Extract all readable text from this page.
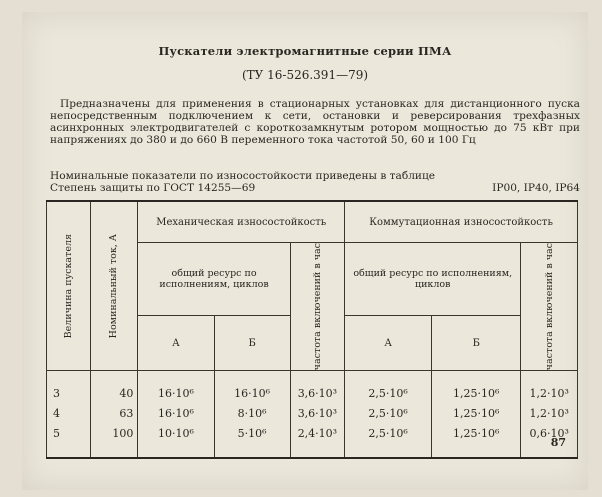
Пускатели электромагнитные серии ПМА
(ТУ 16-526.391—79)
Предназначены для применения в стационарных установках для дистанционного пуска непосредственным подключением к сети, остановки и реверсирования трехфазных асинхронных электродвигателей с короткозамкнутым ротором мощностью до 75 кВт при напряжениях до 380 и до 660 В переменного тока частотой 50, 60 и 100 Гц
Номинальные показатели по износостойкости приведены в таблице
Степень защиты по ГОСТ 14255—69	IP00, IP40, IP64
Величина пускателя	Номинальный ток, А	Механическая износостойкость			Коммутационная износостойкость		
		общий ресурс по исполнениям, циклов		частота включений в час	общий ресурс по исполнениям, циклов		частота включений в час

		А	Б		А	Б	
3	40	16·10⁶	16·10⁶	3,6·10³	2,5·10⁶	1,25·10⁶	1,2·10³
4	63	16·10⁶	8·10⁶	3,6·10³	2,5·10⁶	1,25·10⁶	1,2·10³
5	100	10·10⁶	5·10⁶	2,4·10³	2,5·10⁶	1,25·10⁶	0,6·10³
87
